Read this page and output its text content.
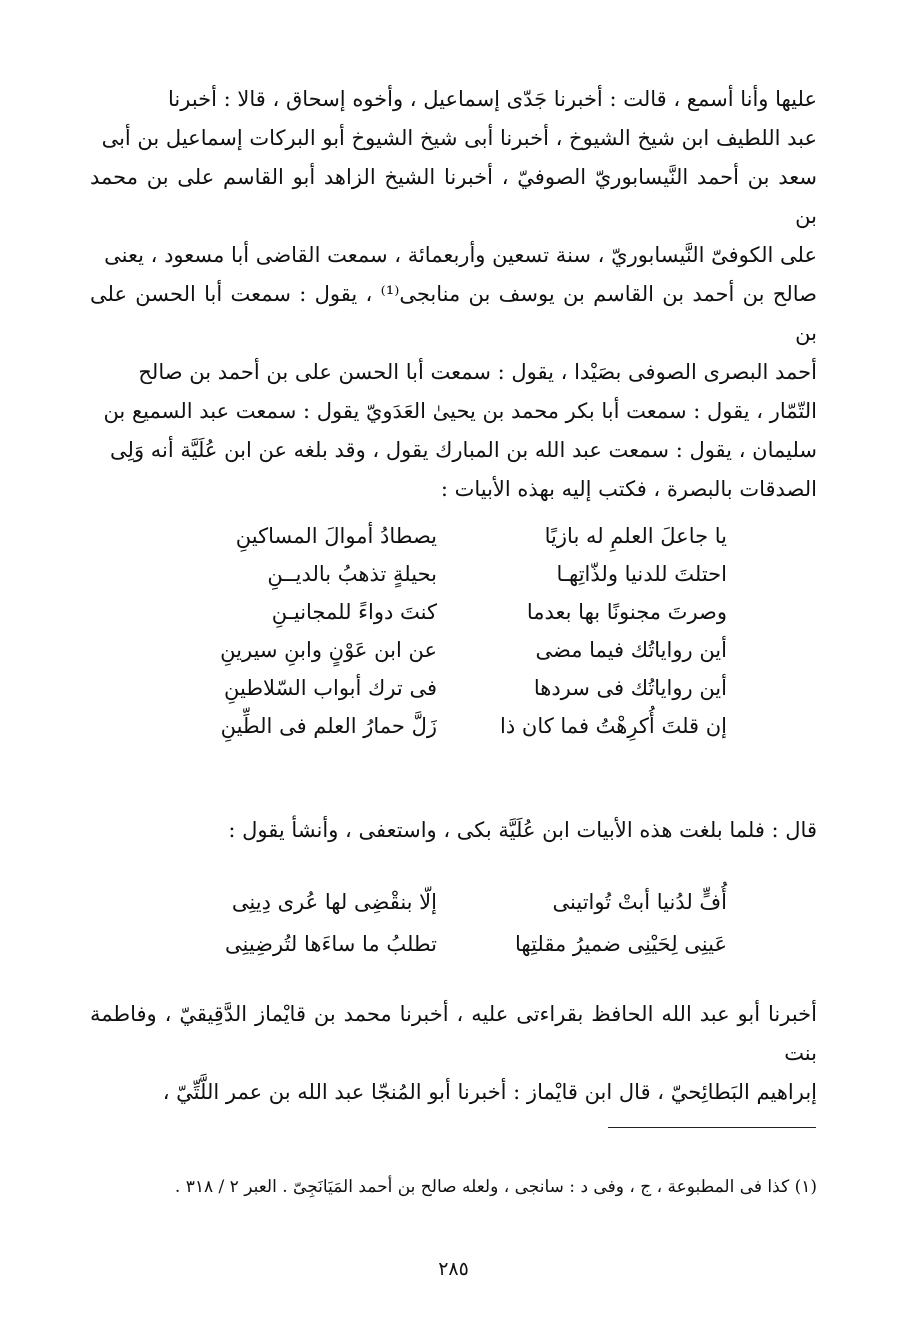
عليها وأنا أسمع ، قالت : أخبرنا جَدّى إسماعيل ، وأخوه إسحاق ، قالا : أخبرنا

عبد اللطيف ابن شيخ الشيوخ ، أخبرنا أبى شيخ الشيوخ أبو البركات إسماعيل بن أبى

سعد بن أحمد النَّيسابوريّ الصوفيّ ، أخبرنا الشيخ الزاهد أبو القاسم على بن محمد بن

على الكوفىّ النَّيسابوريّ ، سنة تسعين وأربعمائة ، سمعت القاضى أبا مسعود ، يعنى

صالح بن أحمد بن القاسم بن يوسف بن منابجى⁽¹⁾ ، يقول : سمعت أبا الحسن على بن

أحمد البصرى الصوفى بصَيْدا ، يقول : سمعت أبا الحسن على بن أحمد بن صالح

التّمّار ، يقول : سمعت أبا بكر محمد بن يحيىٰ العَدَويّ يقول : سمعت عبد السميع بن

سليمان ، يقول : سمعت عبد الله بن المبارك يقول ، وقد بلغه عن ابن عُلَيَّة أنه وَلِى

الصدقات بالبصرة ، فكتب إليه بهذه الأبيات :

يا جاعلَ العلمِ له بازيًا
يصطادُ أموالَ المساكينِ
احتلتَ للدنيا ولذّاتِهـا
بحيلةٍ تذهبُ بالديــنِ
وصرتَ مجنونًا بها بعدما
كنتَ دواءً للمجانيـنِ
أين رواياتُك فيما مضى
عن ابن عَوْنٍ وابنِ سيرينِ
أين رواياتُك فى سردها
فى ترك أبواب السّلاطينِ
إن قلتَ أُكرِهْتُ فما كان ذا
زَلَّ حمارُ العلم فى الطِّينِ

قال : فلما بلغت هذه الأبيات ابن عُلَيَّة بكى ، واستعفى ، وأنشأ يقول :

أُفٍّ لدُنيا أبتْ تُواتينى
إلّا بنقْضِى لها عُرى دِينِى
عَينِى لِحَيْنِى ضميرُ مقلتِها
تطلبُ ما ساءَها لتُرضِينِى

أخبرنا أبو عبد الله الحافظ بقراءتى عليه ، أخبرنا محمد بن قايْماز الدَّقِيقيّ ، وفاطمة بنت

إبراهيم البَطائِحيّ ، قال ابن قايْماز : أخبرنا أبو المُنجّا عبد الله بن عمر اللَّتِّيّ ،

(١) كذا فى المطبوعة ، ج ، وفى د : سانجى ، ولعله صالح بن أحمد المَيَانَجِىّ . العبر ٢ / ٣١٨ .
٢٨٥
